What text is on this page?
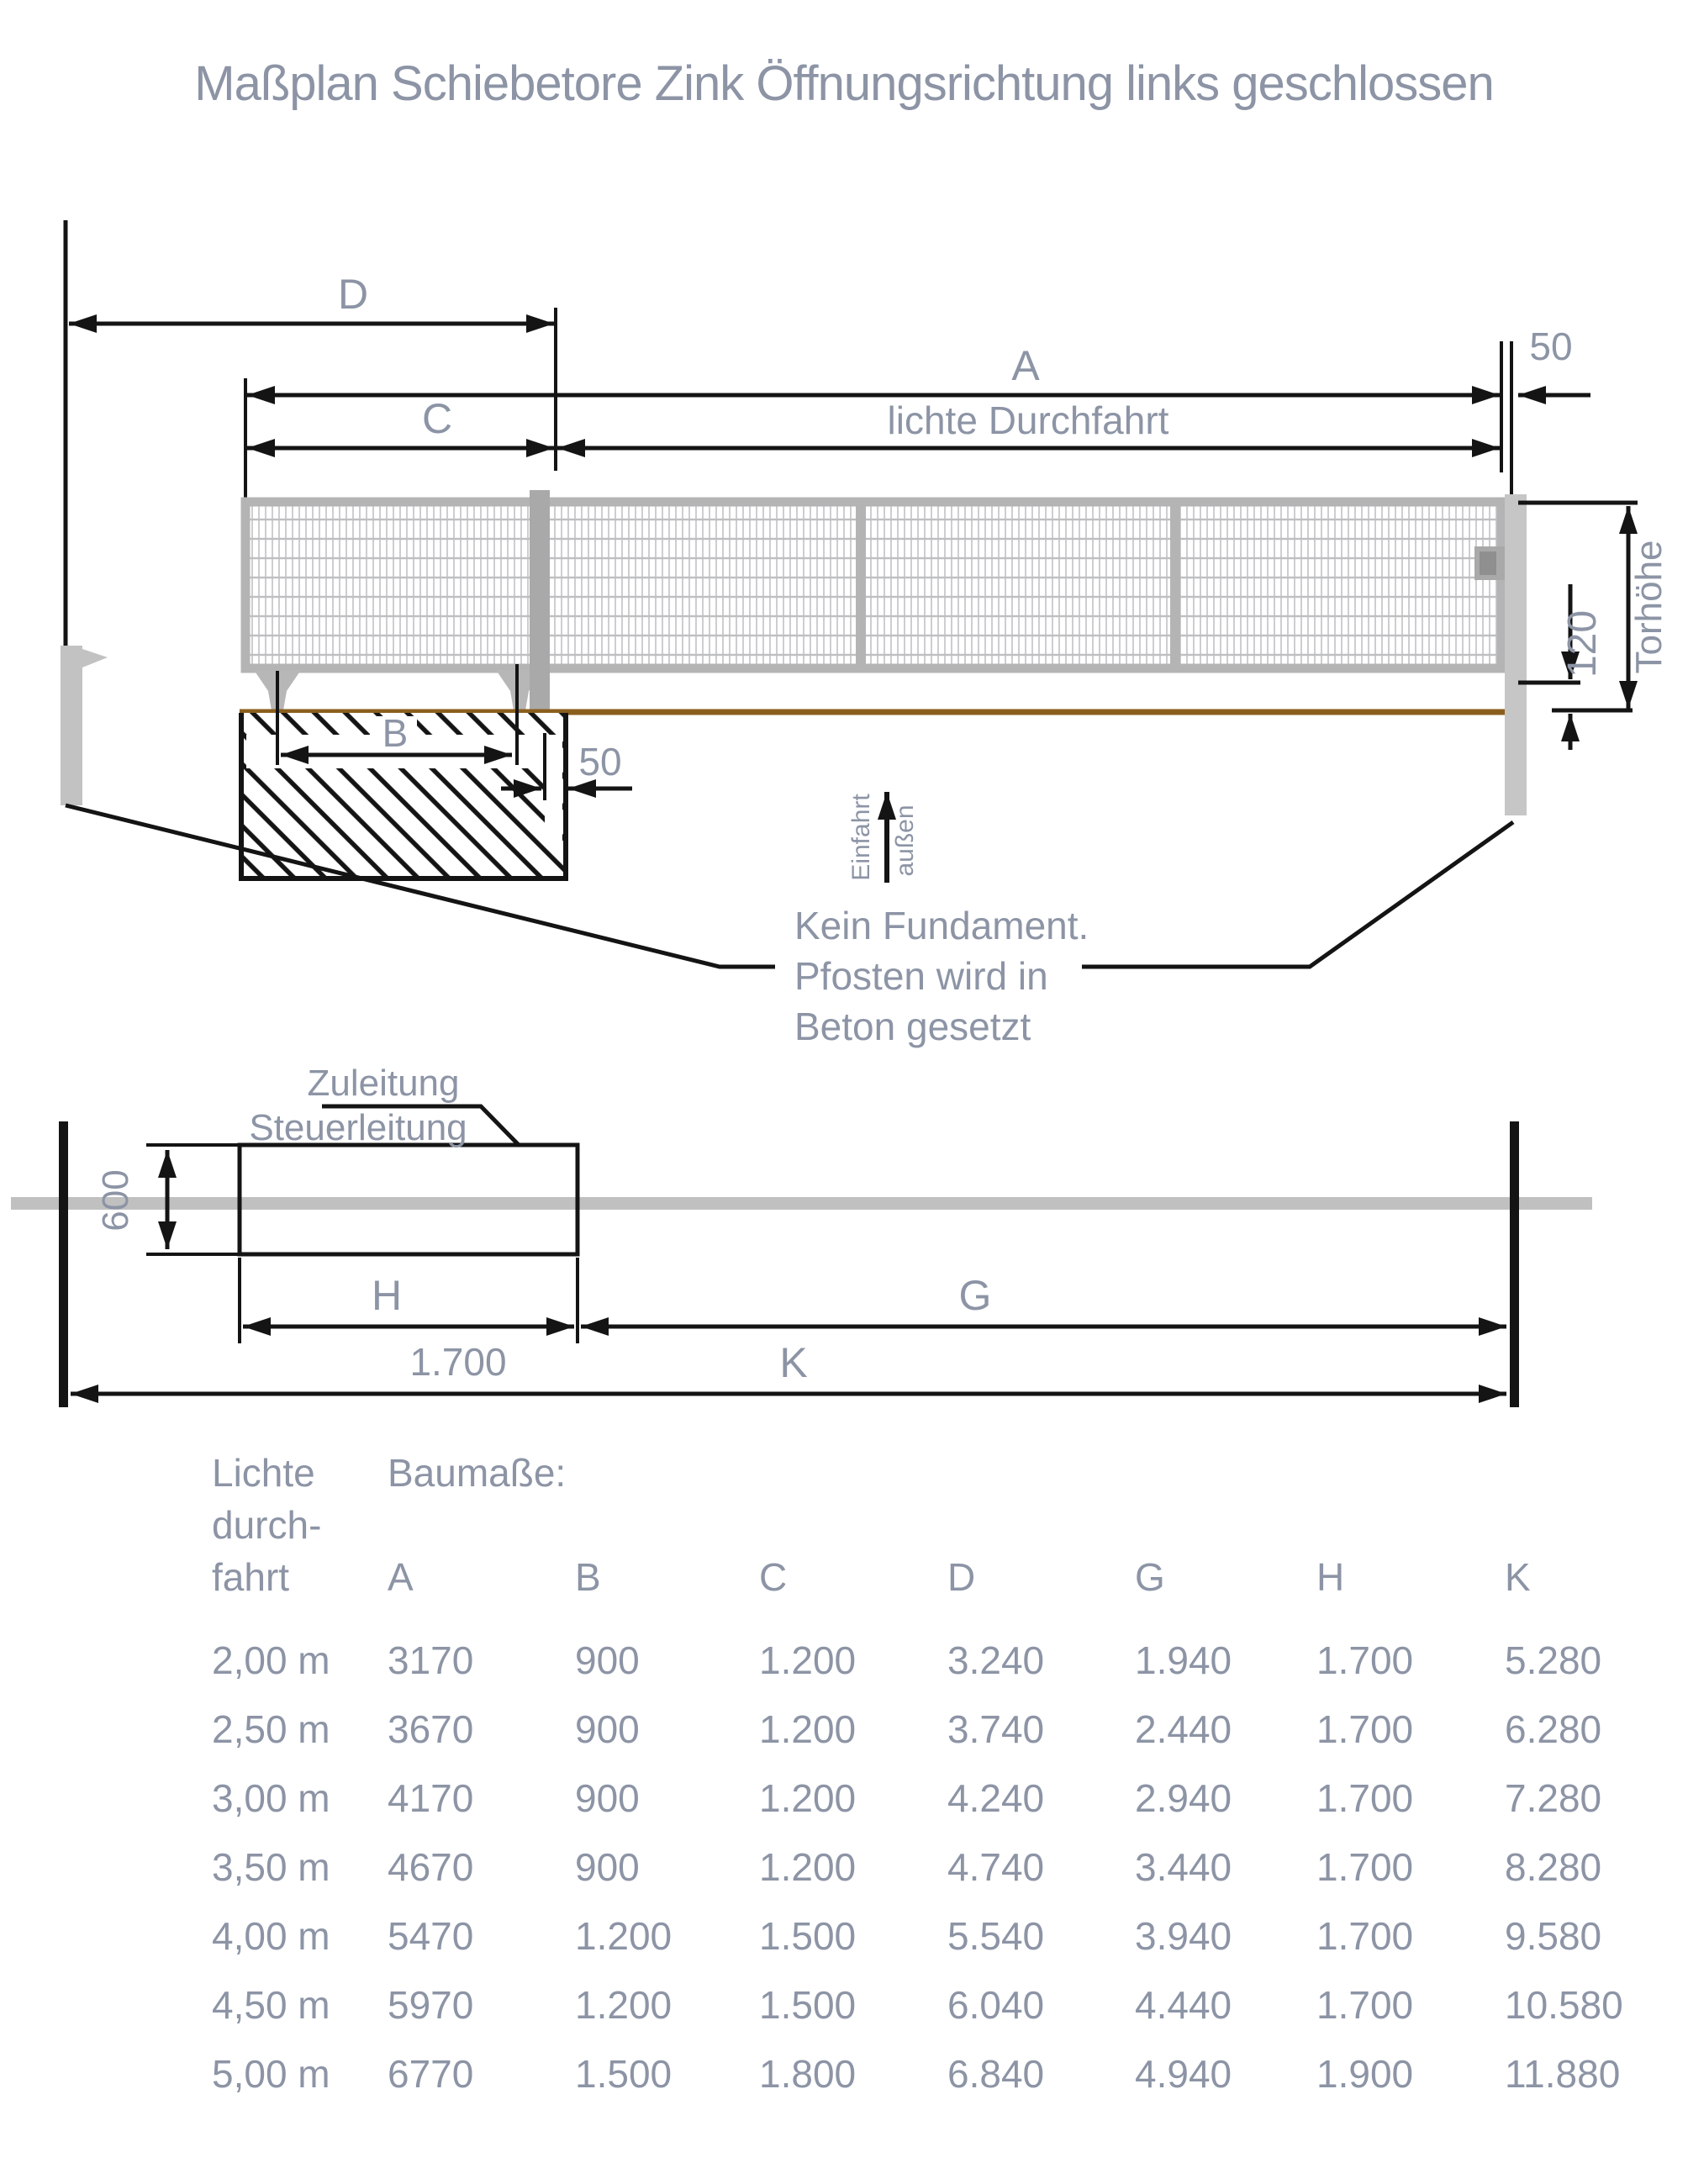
Maßplan Schiebetore Zink Öffnungsrichtung links geschlossen
D
A	50
C	lichte Durchfahrt
B
50
120 Torhöhe
Einfahrt außen
Kein Fundament.
Pfosten wird in
Beton gesetzt
600
Zuleitung
Steuerleitung
H
1.700
G
K
Lichte
durch-
fahrt
Baumaße:
A	B	C	D	G	H	K
2,00 m 3170	900	1.200 3.240 1.940 1.700 5.280
2,50 m 3670	900	1.200 3.740 2.440 1.700 6.280
3,00 m 4170	900	1.200 4.240 2.940 1.700 7.280
3,50 m 4670	900	1.200 4.740 3.440 1.700 8.280
4,00 m 5470	1.200 1.500 5.540 3.940 1.700 9.580
4,50 m 5970	1.200 1.500 6.040 4.440 1.700 10.580
5,00 m 6770	1.500 1.800 6.840 4.940 1.900 11.880
